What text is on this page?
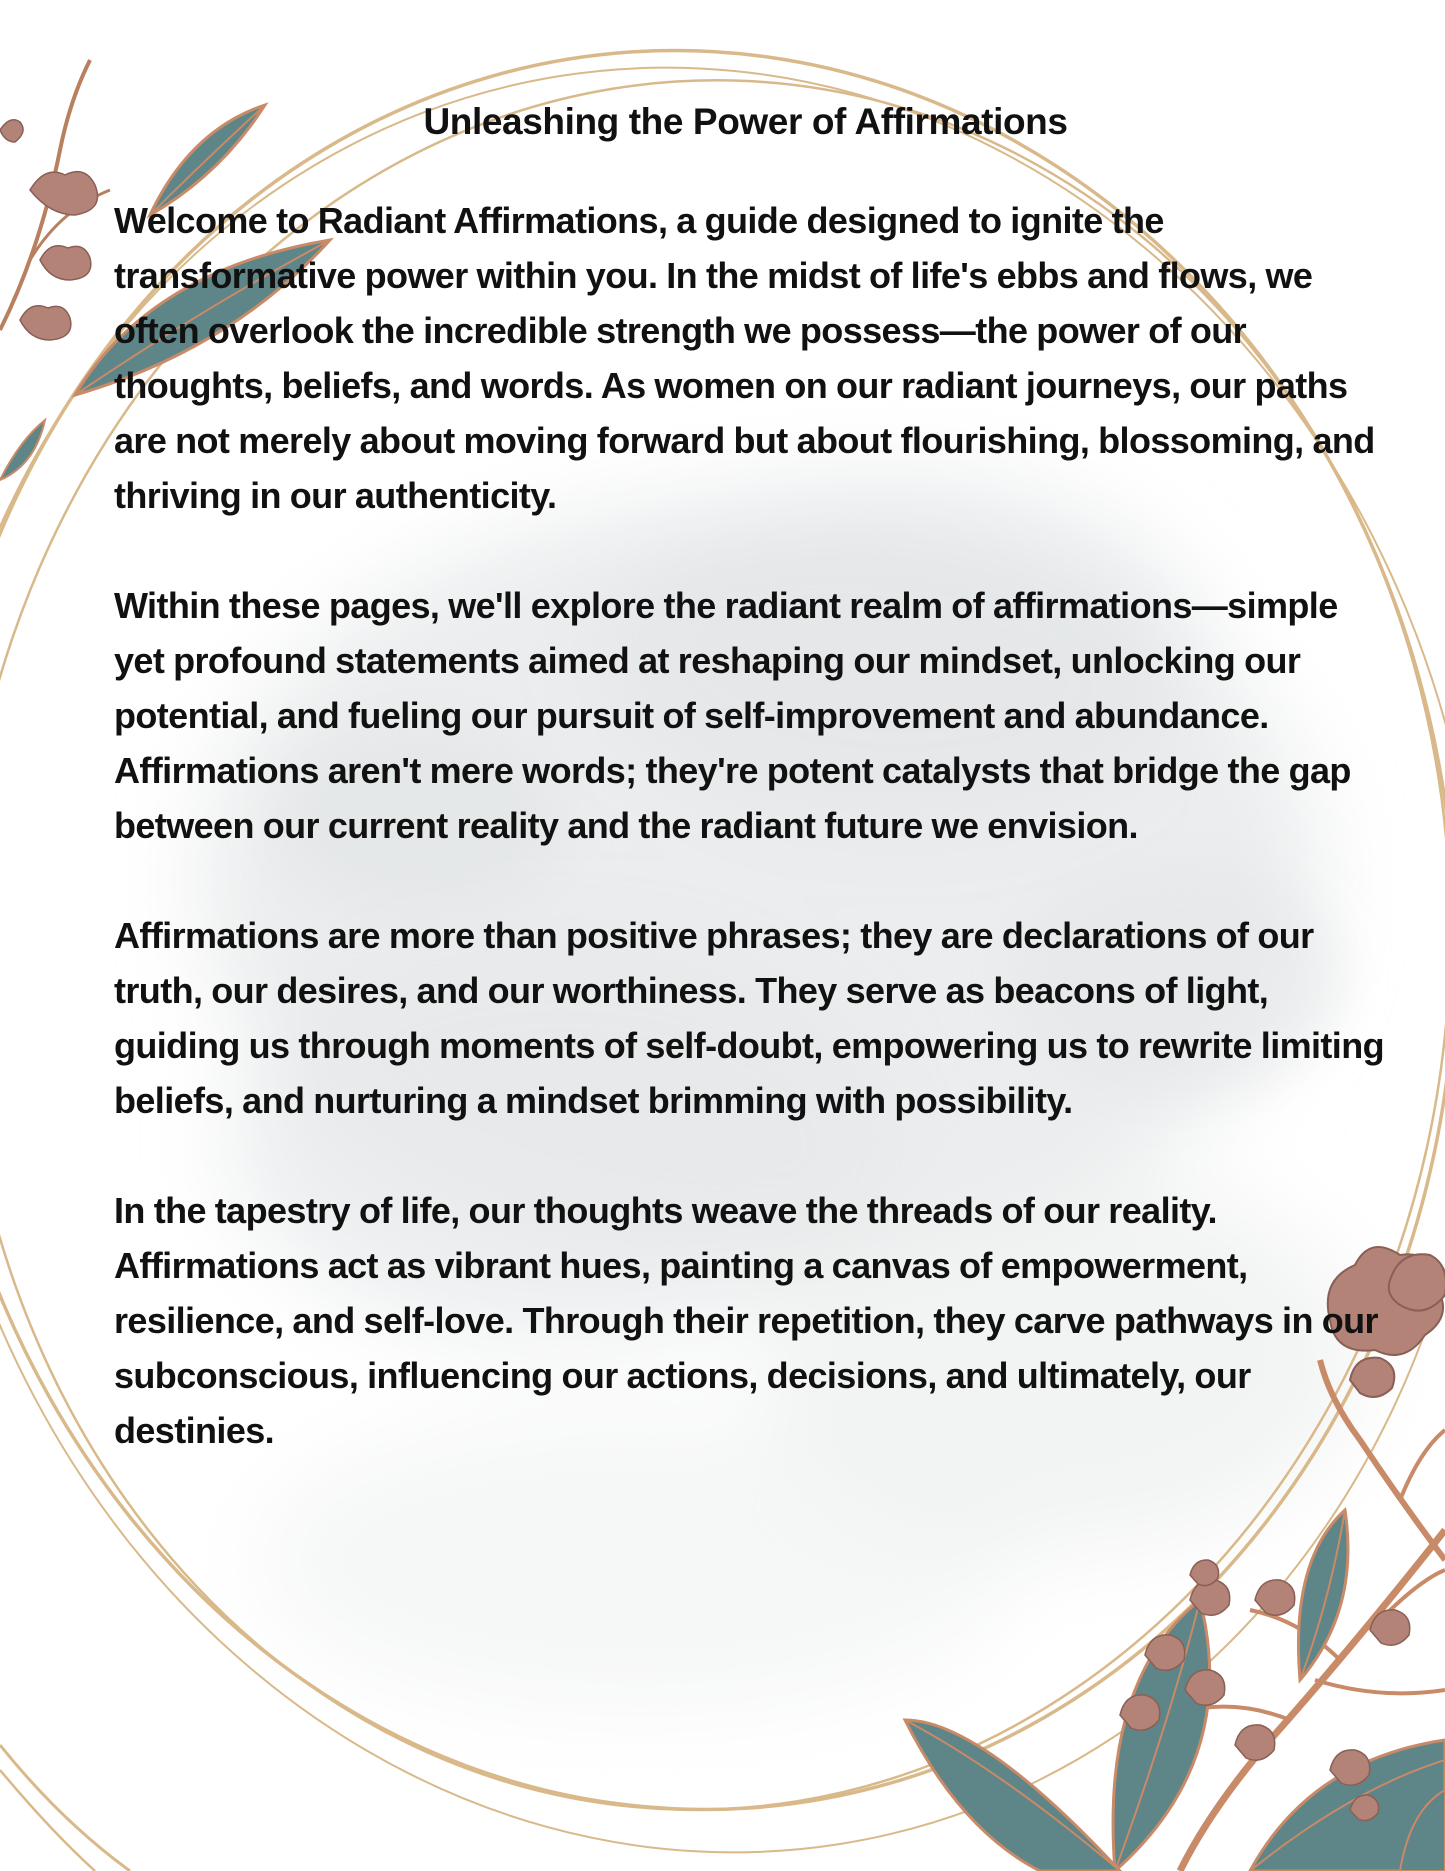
Unleashing the Power of Affirmations

Welcome to Radiant Affirmations, a guide designed to ignite the transformative power within you. In the midst of life's ebbs and flows, we often overlook the incredible strength we possess—the power of our thoughts, beliefs, and words. As women on our radiant journeys, our paths are not merely about moving forward but about flourishing, blossoming, and thriving in our authenticity.

Within these pages, we'll explore the radiant realm of affirmations—simple yet profound statements aimed at reshaping our mindset, unlocking our potential, and fueling our pursuit of self-improvement and abundance. Affirmations aren't mere words; they're potent catalysts that bridge the gap between our current reality and the radiant future we envision.

Affirmations are more than positive phrases; they are declarations of our truth, our desires, and our worthiness. They serve as beacons of light, guiding us through moments of self-doubt, empowering us to rewrite limiting beliefs, and nurturing a mindset brimming with possibility.

In the tapestry of life, our thoughts weave the threads of our reality. Affirmations act as vibrant hues, painting a canvas of empowerment, resilience, and self-love. Through their repetition, they carve pathways in our subconscious, influencing our actions, decisions, and ultimately, our destinies.
